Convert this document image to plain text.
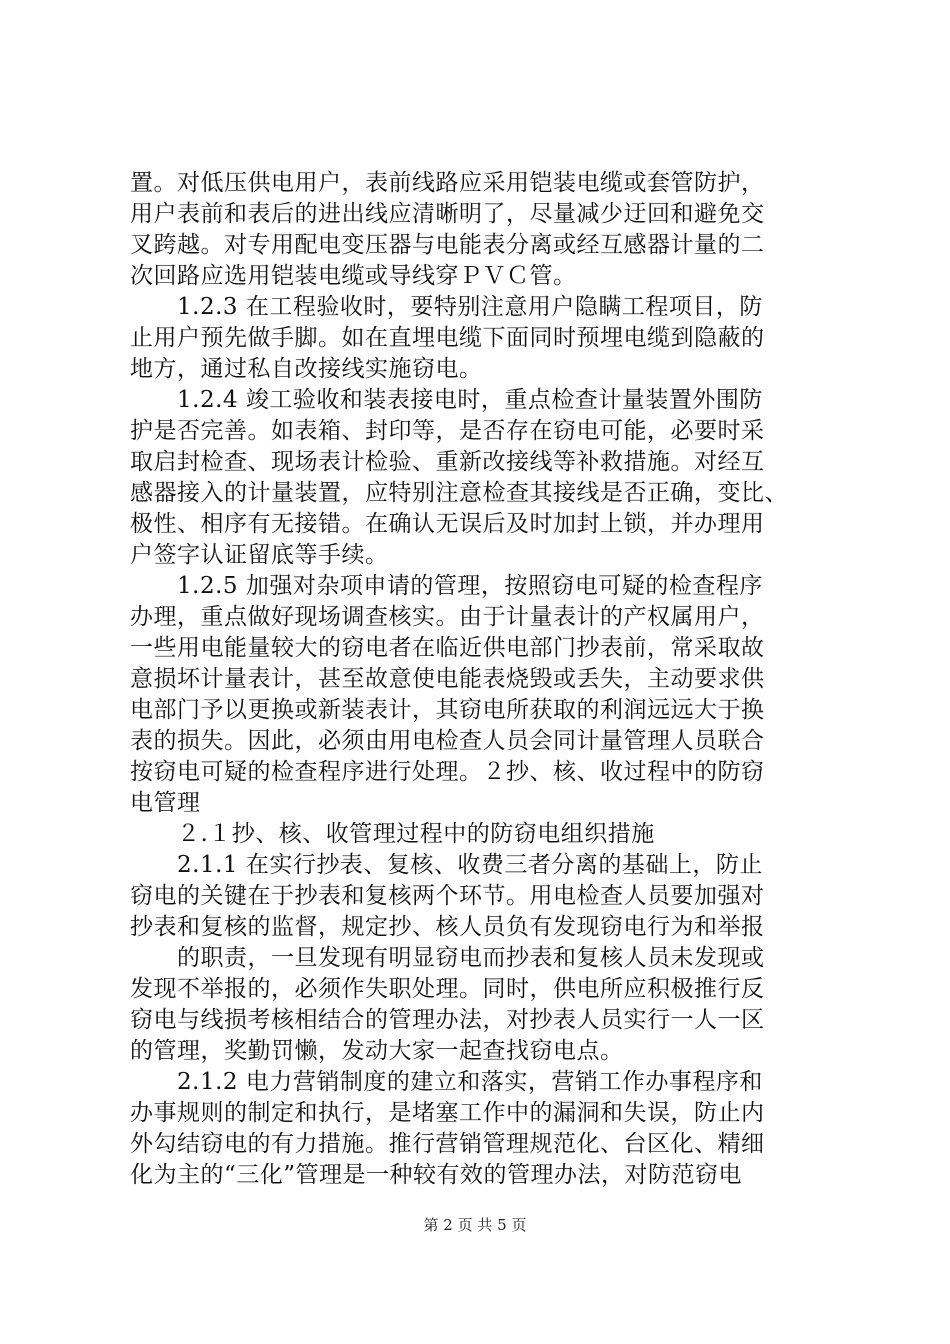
置。对低压供电用户，表前线路应采用铠装电缆或套管防护，
用户表前和表后的进出线应清晰明了，尽量减少迂回和避免交
叉跨越。对专用配电变压器与电能表分离或经互感器计量的二
次回路应选用铠装电缆或导线穿ＰＶＣ管。
　　1.2.3 在工程验收时，要特别注意用户隐瞒工程项目，防
止用户预先做手脚。如在直埋电缆下面同时预埋电缆到隐蔽的
地方，通过私自改接线实施窃电。
　　1.2.4 竣工验收和装表接电时，重点检查计量装置外围防
护是否完善。如表箱、封印等，是否存在窃电可能，必要时采
取启封检查、现场表计检验、重新改接线等补救措施。对经互
感器接入的计量装置，应特别注意检查其接线是否正确，变比、
极性、相序有无接错。在确认无误后及时加封上锁，并办理用
户签字认证留底等手续。
　　1.2.5 加强对杂项申请的管理，按照窃电可疑的检查程序
办理，重点做好现场调查核实。由于计量表计的产权属用户，
一些用电能量较大的窃电者在临近供电部门抄表前，常采取故
意损坏计量表计，甚至故意使电能表烧毁或丢失，主动要求供
电部门予以更换或新装表计，其窃电所获取的利润远远大于换
表的损失。因此，必须由用电检查人员会同计量管理人员联合
按窃电可疑的检查程序进行处理。２抄、核、收过程中的防窃
电管理
　　２.１抄、核、收管理过程中的防窃电组织措施
　　2.1.1 在实行抄表、复核、收费三者分离的基础上，防止
窃电的关键在于抄表和复核两个环节。用电检查人员要加强对
抄表和复核的监督，规定抄、核人员负有发现窃电行为和举报
　　的职责，一旦发现有明显窃电而抄表和复核人员未发现或
发现不举报的，必须作失职处理。同时，供电所应积极推行反
窃电与线损考核相结合的管理办法，对抄表人员实行一人一区
的管理，奖勤罚懒，发动大家一起查找窃电点。
　　2.1.2 电力营销制度的建立和落实，营销工作办事程序和
办事规则的制定和执行，是堵塞工作中的漏洞和失误，防止内
外勾结窃电的有力措施。推行营销管理规范化、台区化、精细
化为主的“三化”管理是一种较有效的管理办法，对防范窃电
第 2 页 共 5 页
